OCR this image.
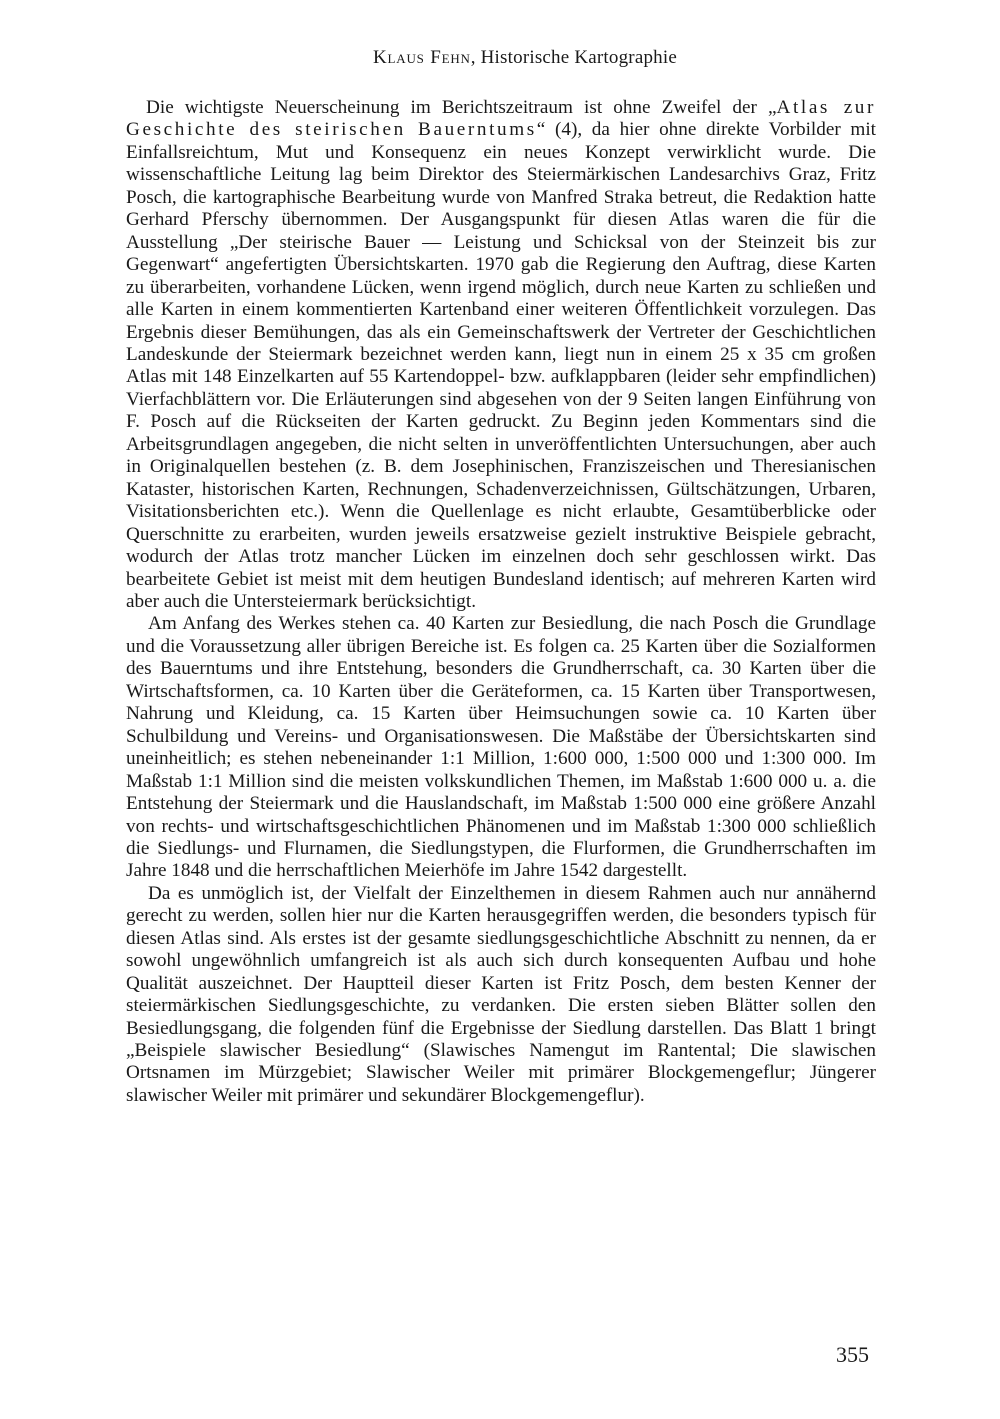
Klaus Fehn, Historische Kartographie

Die wichtigste Neuerscheinung im Berichtszeitraum ist ohne Zweifel der „Atlas zur Geschichte des steirischen Bauerntums“ (4), da hier ohne direkte Vorbilder mit Einfallsreichtum, Mut und Konsequenz ein neues Konzept verwirklicht wurde. Die wissenschaftliche Leitung lag beim Direktor des Steiermärkischen Landesarchivs Graz, Fritz Posch, die kartographische Bearbeitung wurde von Manfred Straka betreut, die Redaktion hatte Gerhard Pferschy übernommen. Der Ausgangspunkt für diesen Atlas waren die für die Ausstellung „Der steirische Bauer — Leistung und Schicksal von der Steinzeit bis zur Gegenwart“ angefertigten Übersichtskarten. 1970 gab die Regierung den Auftrag, diese Karten zu überarbeiten, vorhandene Lücken, wenn irgend möglich, durch neue Karten zu schließen und alle Karten in einem kommentierten Kartenband einer weiteren Öffentlichkeit vorzulegen. Das Ergebnis dieser Bemühungen, das als ein Gemeinschaftswerk der Vertreter der Geschichtlichen Landeskunde der Steiermark bezeichnet werden kann, liegt nun in einem 25 x 35 cm großen Atlas mit 148 Einzelkarten auf 55 Kartendoppel- bzw. aufklappbaren (leider sehr empfindlichen) Vierfachblättern vor. Die Erläuterungen sind abgesehen von der 9 Seiten langen Einführung von F. Posch auf die Rückseiten der Karten gedruckt. Zu Beginn jeden Kommentars sind die Arbeitsgrundlagen angegeben, die nicht selten in unveröffentlichten Untersuchungen, aber auch in Originalquellen bestehen (z. B. dem Josephinischen, Franziszeischen und Theresianischen Kataster, historischen Karten, Rechnungen, Schadenverzeichnissen, Gültschätzungen, Urbaren, Visitationsberichten etc.). Wenn die Quellenlage es nicht erlaubte, Gesamtüberblicke oder Querschnitte zu erarbeiten, wurden jeweils ersatzweise gezielt instruktive Beispiele gebracht, wodurch der Atlas trotz mancher Lücken im einzelnen doch sehr geschlossen wirkt. Das bearbeitete Gebiet ist meist mit dem heutigen Bundesland identisch; auf mehreren Karten wird aber auch die Untersteiermark berücksichtigt.

Am Anfang des Werkes stehen ca. 40 Karten zur Besiedlung, die nach Posch die Grundlage und die Voraussetzung aller übrigen Bereiche ist. Es folgen ca. 25 Karten über die Sozialformen des Bauerntums und ihre Entstehung, besonders die Grundherrschaft, ca. 30 Karten über die Wirtschaftsformen, ca. 10 Karten über die Geräteformen, ca. 15 Karten über Transportwesen, Nahrung und Kleidung, ca. 15 Karten über Heimsuchungen sowie ca. 10 Karten über Schulbildung und Vereins- und Organisationswesen. Die Maßstäbe der Übersichtskarten sind uneinheitlich; es stehen nebeneinander 1:1 Million, 1:600 000, 1:500 000 und 1:300 000. Im Maßstab 1:1 Million sind die meisten volkskundlichen Themen, im Maßstab 1:600 000 u. a. die Entstehung der Steiermark und die Hauslandschaft, im Maßstab 1:500 000 eine größere Anzahl von rechts- und wirtschaftsgeschichtlichen Phänomenen und im Maßstab 1:300 000 schließlich die Siedlungs- und Flurnamen, die Siedlungstypen, die Flurformen, die Grundherrschaften im Jahre 1848 und die herrschaftlichen Meierhöfe im Jahre 1542 dargestellt.

Da es unmöglich ist, der Vielfalt der Einzelthemen in diesem Rahmen auch nur annähernd gerecht zu werden, sollen hier nur die Karten herausgegriffen werden, die besonders typisch für diesen Atlas sind. Als erstes ist der gesamte siedlungsgeschichtliche Abschnitt zu nennen, da er sowohl ungewöhnlich umfangreich ist als auch sich durch konsequenten Aufbau und hohe Qualität auszeichnet. Der Hauptteil dieser Karten ist Fritz Posch, dem besten Kenner der steiermärkischen Siedlungsgeschichte, zu verdanken. Die ersten sieben Blätter sollen den Besiedlungsgang, die folgenden fünf die Ergebnisse der Siedlung darstellen. Das Blatt 1 bringt „Beispiele slawischer Besiedlung“ (Slawisches Namengut im Rantental; Die slawischen Ortsnamen im Mürzgebiet; Slawischer Weiler mit primärer Blockgemengeflur; Jüngerer slawischer Weiler mit primärer und sekundärer Blockgemengeflur).

355
